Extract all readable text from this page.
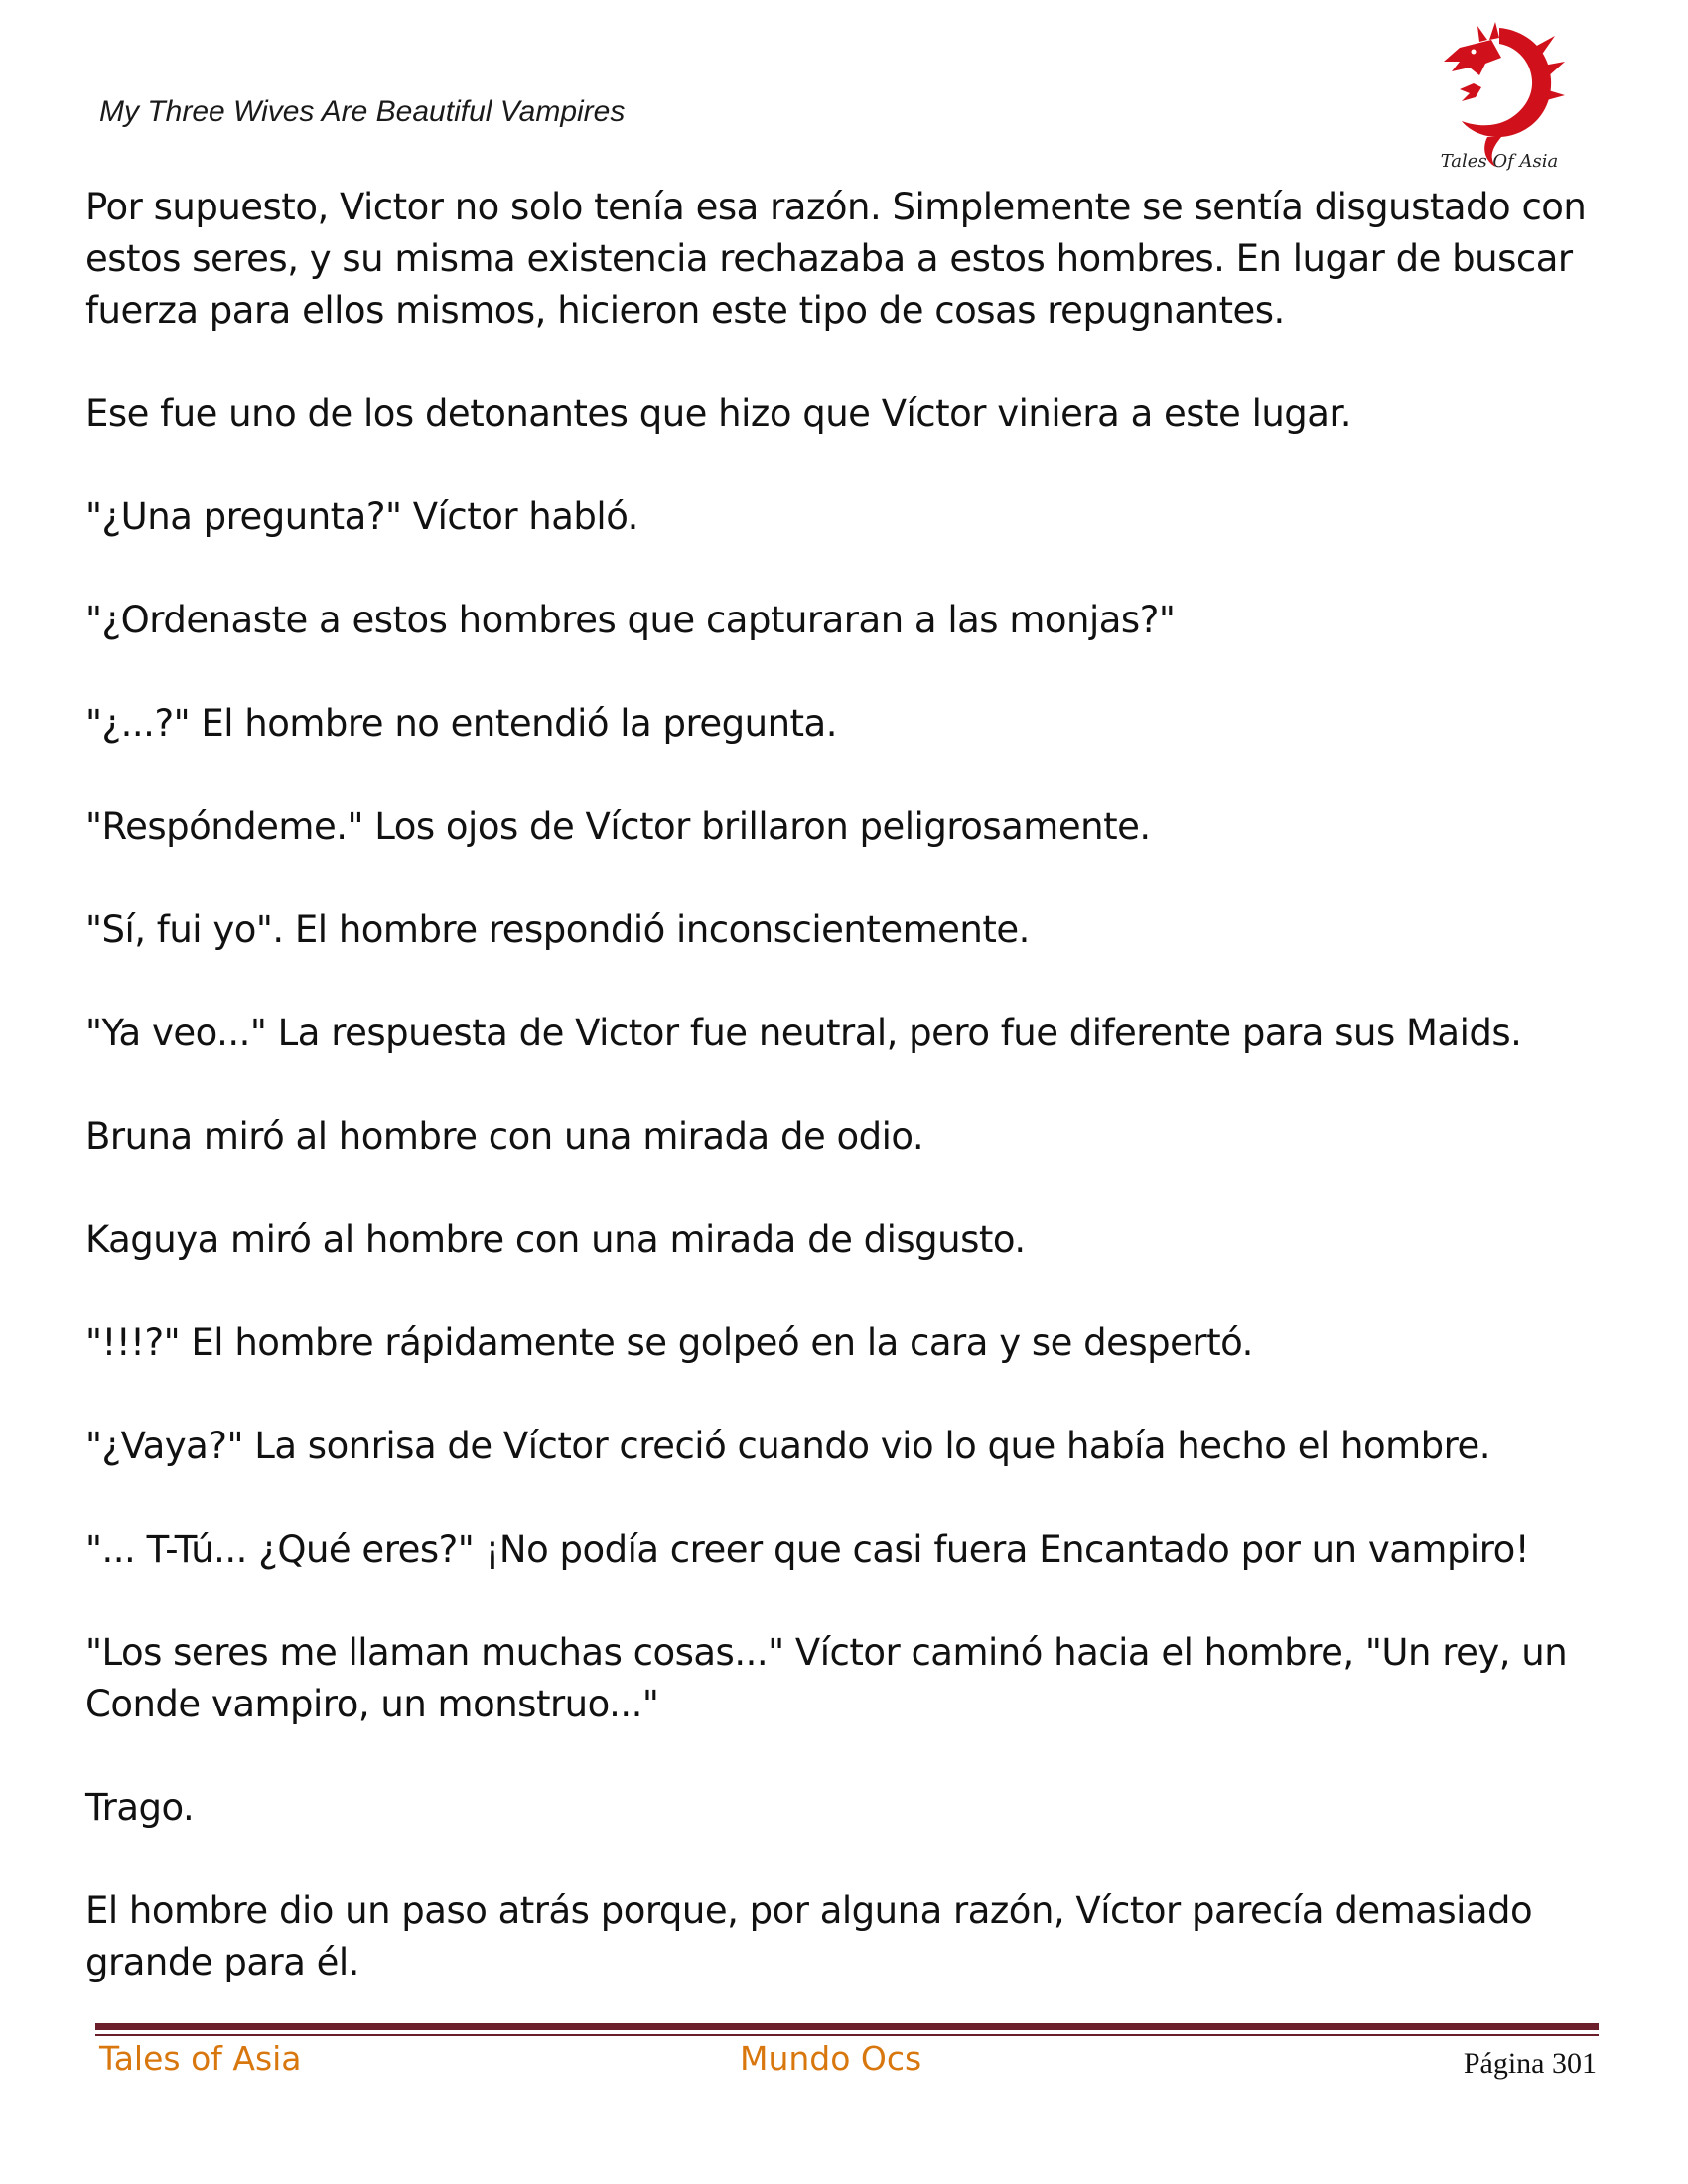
My Three Wives Are Beautiful Vampires

Tales Of Asia

Por supuesto, Victor no solo tenía esa razón. Simplemente se sentía disgustado con estos seres, y su misma existencia rechazaba a estos hombres. En lugar de buscar fuerza para ellos mismos, hicieron este tipo de cosas repugnantes.

Ese fue uno de los detonantes que hizo que Víctor viniera a este lugar.

"¿Una pregunta?" Víctor habló.

"¿Ordenaste a estos hombres que capturaran a las monjas?"

"¿...?" El hombre no entendió la pregunta.

"Respóndeme." Los ojos de Víctor brillaron peligrosamente.

"Sí, fui yo". El hombre respondió inconscientemente.

"Ya veo..." La respuesta de Victor fue neutral, pero fue diferente para sus Maids.

Bruna miró al hombre con una mirada de odio.

Kaguya miró al hombre con una mirada de disgusto.

"!!!?" El hombre rápidamente se golpeó en la cara y se despertó.

"¿Vaya?" La sonrisa de Víctor creció cuando vio lo que había hecho el hombre.

"... T-Tú... ¿Qué eres?" ¡No podía creer que casi fuera Encantado por un vampiro!

"Los seres me llaman muchas cosas..." Víctor caminó hacia el hombre, "Un rey, un Conde vampiro, un monstruo..."

Trago.

El hombre dio un paso atrás porque, por alguna razón, Víctor parecía demasiado grande para él.

Tales of Asia	Mundo Ocs	Página 301
